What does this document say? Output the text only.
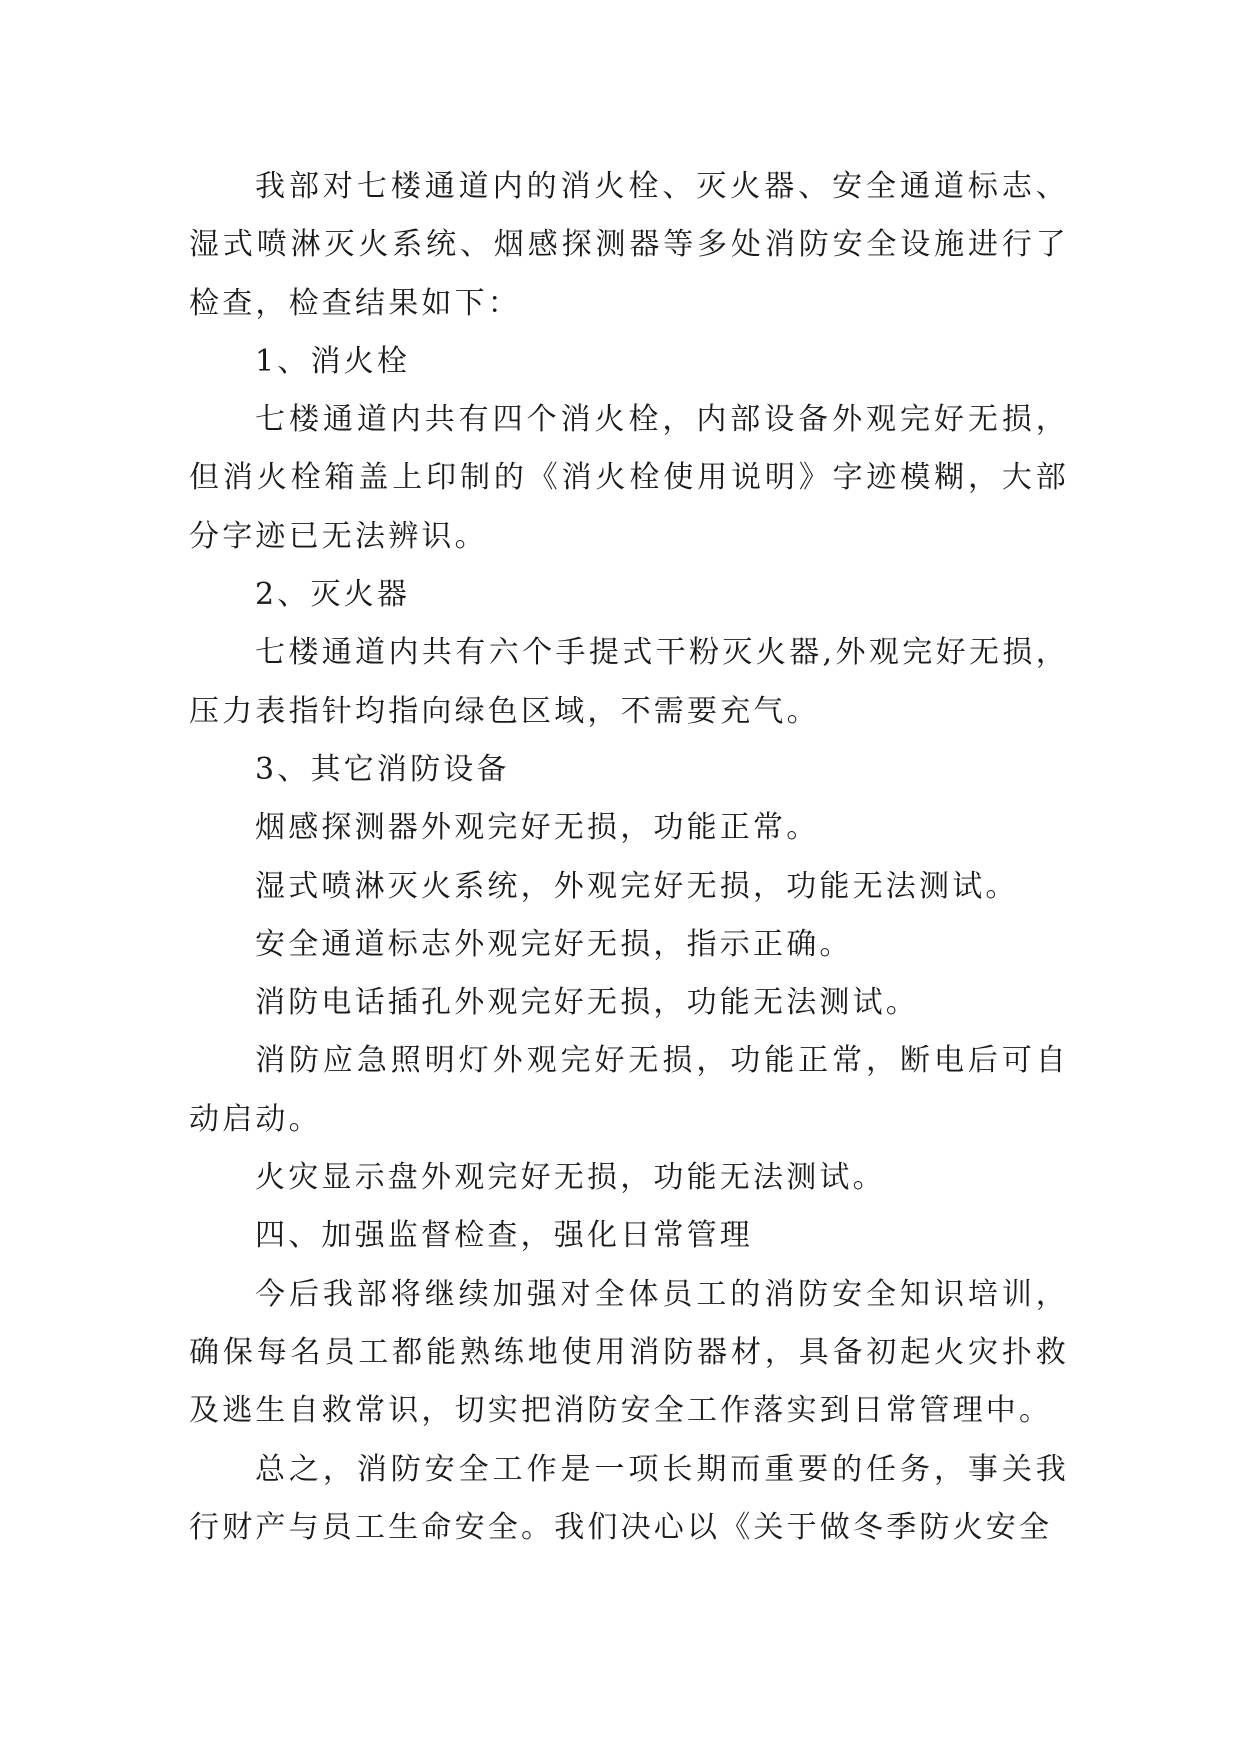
我部对七楼通道内的消火栓、灭火器、安全通道标志、湿式喷淋灭火系统、烟感探测器等多处消防安全设施进行了检查，检查结果如下：

1、消火栓

七楼通道内共有四个消火栓，内部设备外观完好无损，但消火栓箱盖上印制的《消火栓使用说明》字迹模糊，大部分字迹已无法辨识。

2、灭火器

七楼通道内共有六个手提式干粉灭火器,外观完好无损，压力表指针均指向绿色区域，不需要充气。

3、其它消防设备

烟感探测器外观完好无损，功能正常。

湿式喷淋灭火系统，外观完好无损，功能无法测试。

安全通道标志外观完好无损，指示正确。

消防电话插孔外观完好无损，功能无法测试。

消防应急照明灯外观完好无损，功能正常，断电后可自动启动。

火灾显示盘外观完好无损，功能无法测试。

四、加强监督检查，强化日常管理

今后我部将继续加强对全体员工的消防安全知识培训，确保每名员工都能熟练地使用消防器材，具备初起火灾扑救及逃生自救常识，切实把消防安全工作落实到日常管理中。

总之，消防安全工作是一项长期而重要的任务，事关我行财产与员工生命安全。我们决心以《关于做冬季防火安全
